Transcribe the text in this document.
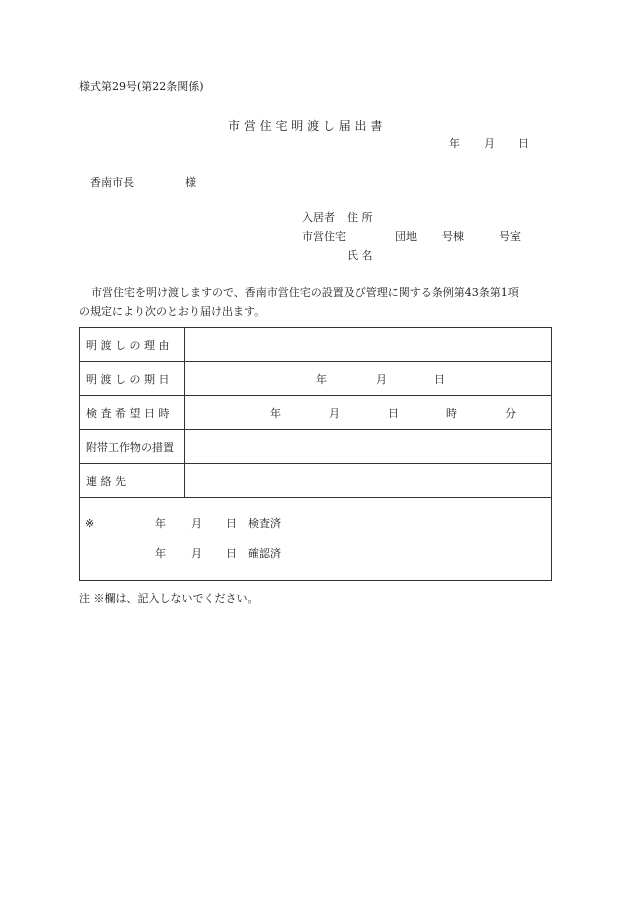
様式第29号(第22条関係)
市 営 住 宅 明 渡 し 届 出 書
年 月 日
香南市長	様
入居者 住 所
市営住宅	団地 号棟	号室
氏 名
市営住宅を明け渡しますので、香南市営住宅の設置及び管理に関する条例第43条第1項
の規定により次のとおり届け出ます。
明 渡 し の 理 由
明 渡 し の 期 日	年	月	日
検 査 希 望 日 時	年	月	日	時	分
附帯工作物の措置
連 絡 先
※	年 月 日 検査済
年 月 日 確認済
注 ※欄は、記入しないでください。
